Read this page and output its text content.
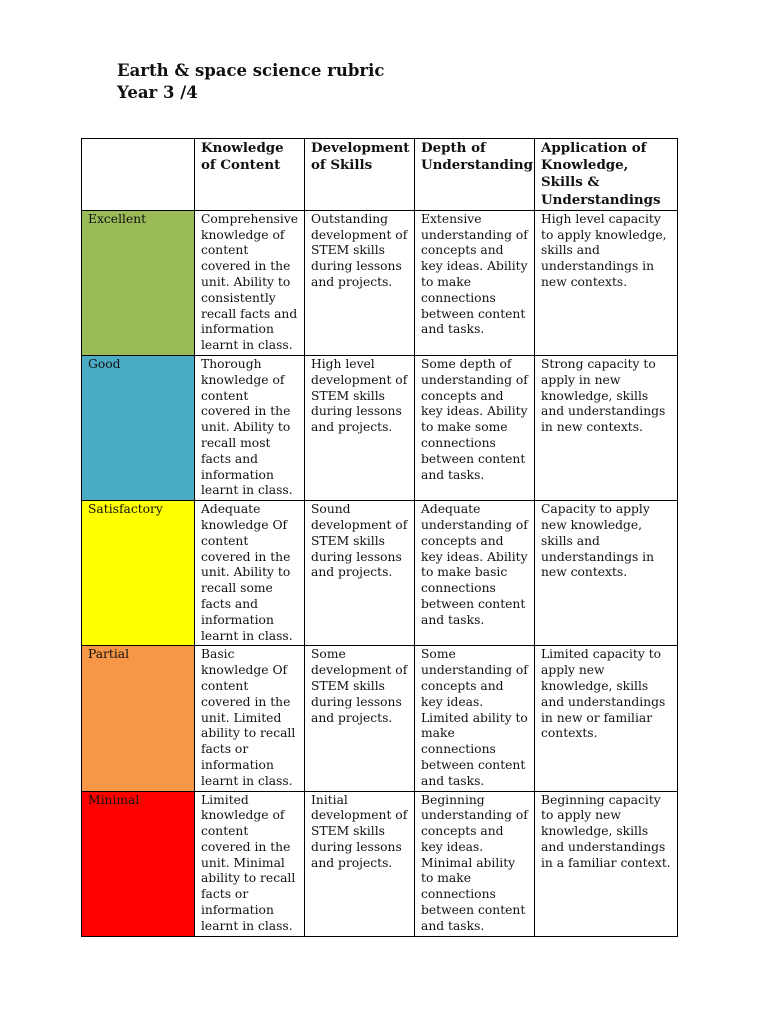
Earth & space science rubric
Year 3 /4
	Knowledge of Content	Development of Skills	Depth of Understanding	Application of Knowledge, Skills & Understandings
Excellent	Comprehensive knowledge of content covered in the unit. Ability to consistently recall facts and information learnt in class.	Outstanding development of STEM skills during lessons and projects.	Extensive understanding of concepts and key ideas. Ability to make connections between content and tasks.	High level capacity to apply knowledge, skills and understandings in new contexts.
Good	Thorough knowledge of content covered in the unit. Ability to recall most facts and information learnt in class.	High level development of STEM skills during lessons and projects.	Some depth of understanding of concepts and key ideas. Ability to make some connections between content and tasks.	Strong capacity to apply in new knowledge, skills and understandings in new contexts.
Satisfactory	Adequate knowledge Of content covered in the unit. Ability to recall some facts and information learnt in class.	Sound development of STEM skills during lessons and projects.	Adequate understanding of concepts and key ideas. Ability to make basic connections between content and tasks.	Capacity to apply new knowledge, skills and understandings in new contexts.
Partial	Basic knowledge Of content covered in the unit. Limited ability to recall facts or information learnt in class.	Some development of STEM skills during lessons and projects.	Some understanding of concepts and key ideas. Limited ability to make connections between content and tasks.	Limited capacity to apply new knowledge, skills and understandings in new or familiar contexts.
Minimal	Limited knowledge of content covered in the unit. Minimal ability to recall facts or information learnt in class.	Initial development of STEM skills during lessons and projects.	Beginning understanding of concepts and key ideas. Minimal ability to make connections between content and tasks.	Beginning capacity to apply new knowledge, skills and understandings in a familiar context.
